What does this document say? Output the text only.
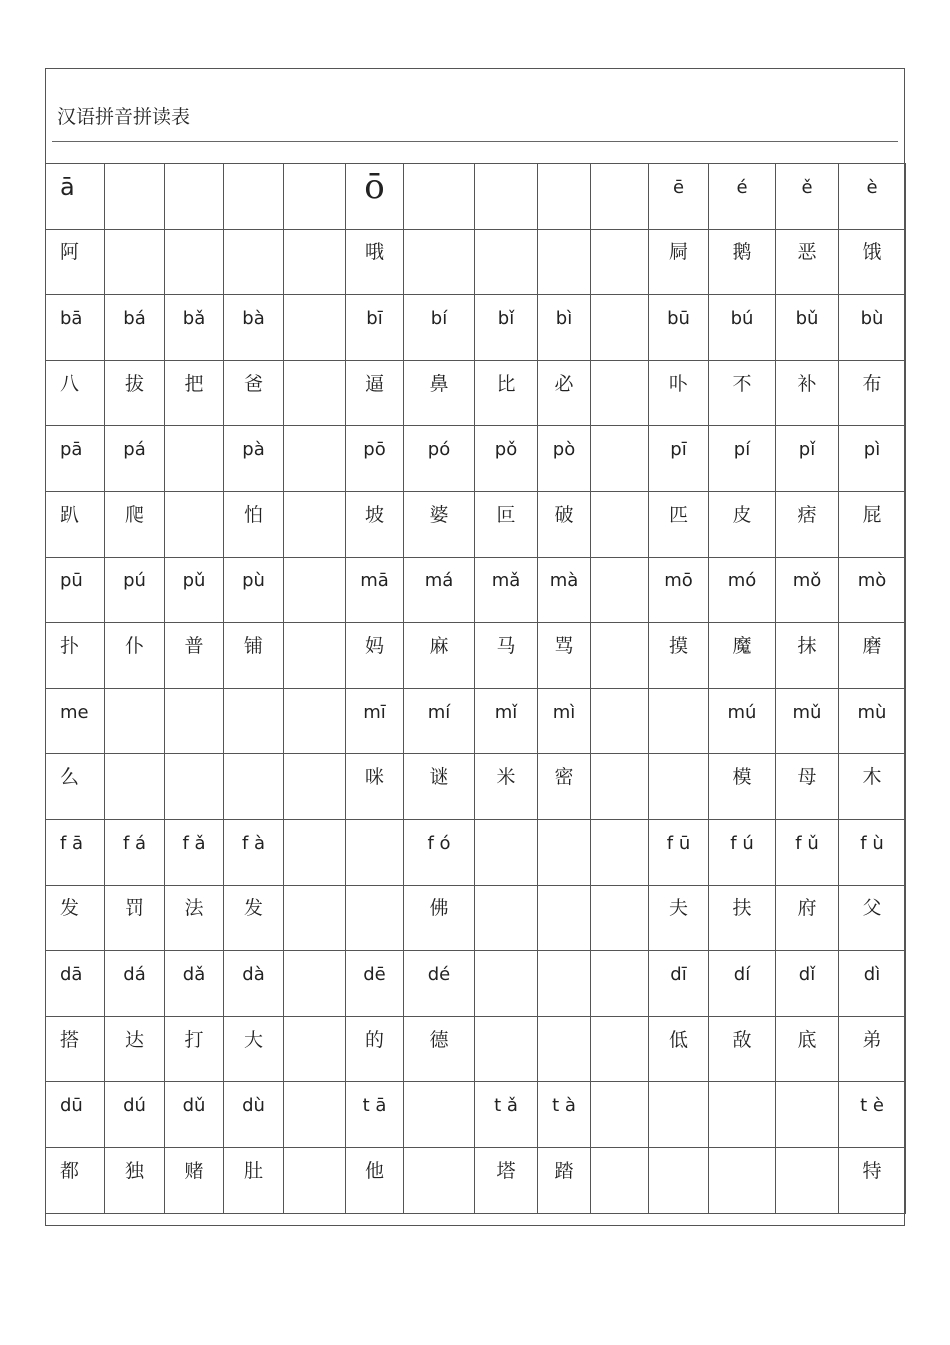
汉语拼音拼读表
ā					ō					ē	é	ě	è
阿					哦					屙	鹅	恶	饿
bā	bá	bǎ	bà		bī	bí	bǐ	bì		bū	bú	bǔ	bù
八	拔	把	爸		逼	鼻	比	必		卟	不	补	布
pā	pá		pà		pō	pó	pǒ	pò		pī	pí	pǐ	pì
趴	爬		怕		坡	婆	叵	破		匹	皮	痞	屁
pū	pú	pǔ	pù		mā	má	mǎ	mà		mō	mó	mǒ	mò
扑	仆	普	铺		妈	麻	马	骂		摸	魔	抹	磨
me					mī	mí	mǐ	mì			mú	mǔ	mù
么					咪	谜	米	密			模	母	木
f ā	f á	f ǎ	f à			f ó				f ū	f ú	f ǔ	f ù
发	罚	法	发			佛				夫	扶	府	父
dā	dá	dǎ	dà		dē	dé				dī	dí	dǐ	dì
搭	达	打	大		的	德				低	敌	底	弟
dū	dú	dǔ	dù		t ā		t ǎ	t à					t è
都	独	赌	肚		他		塔	踏					特
